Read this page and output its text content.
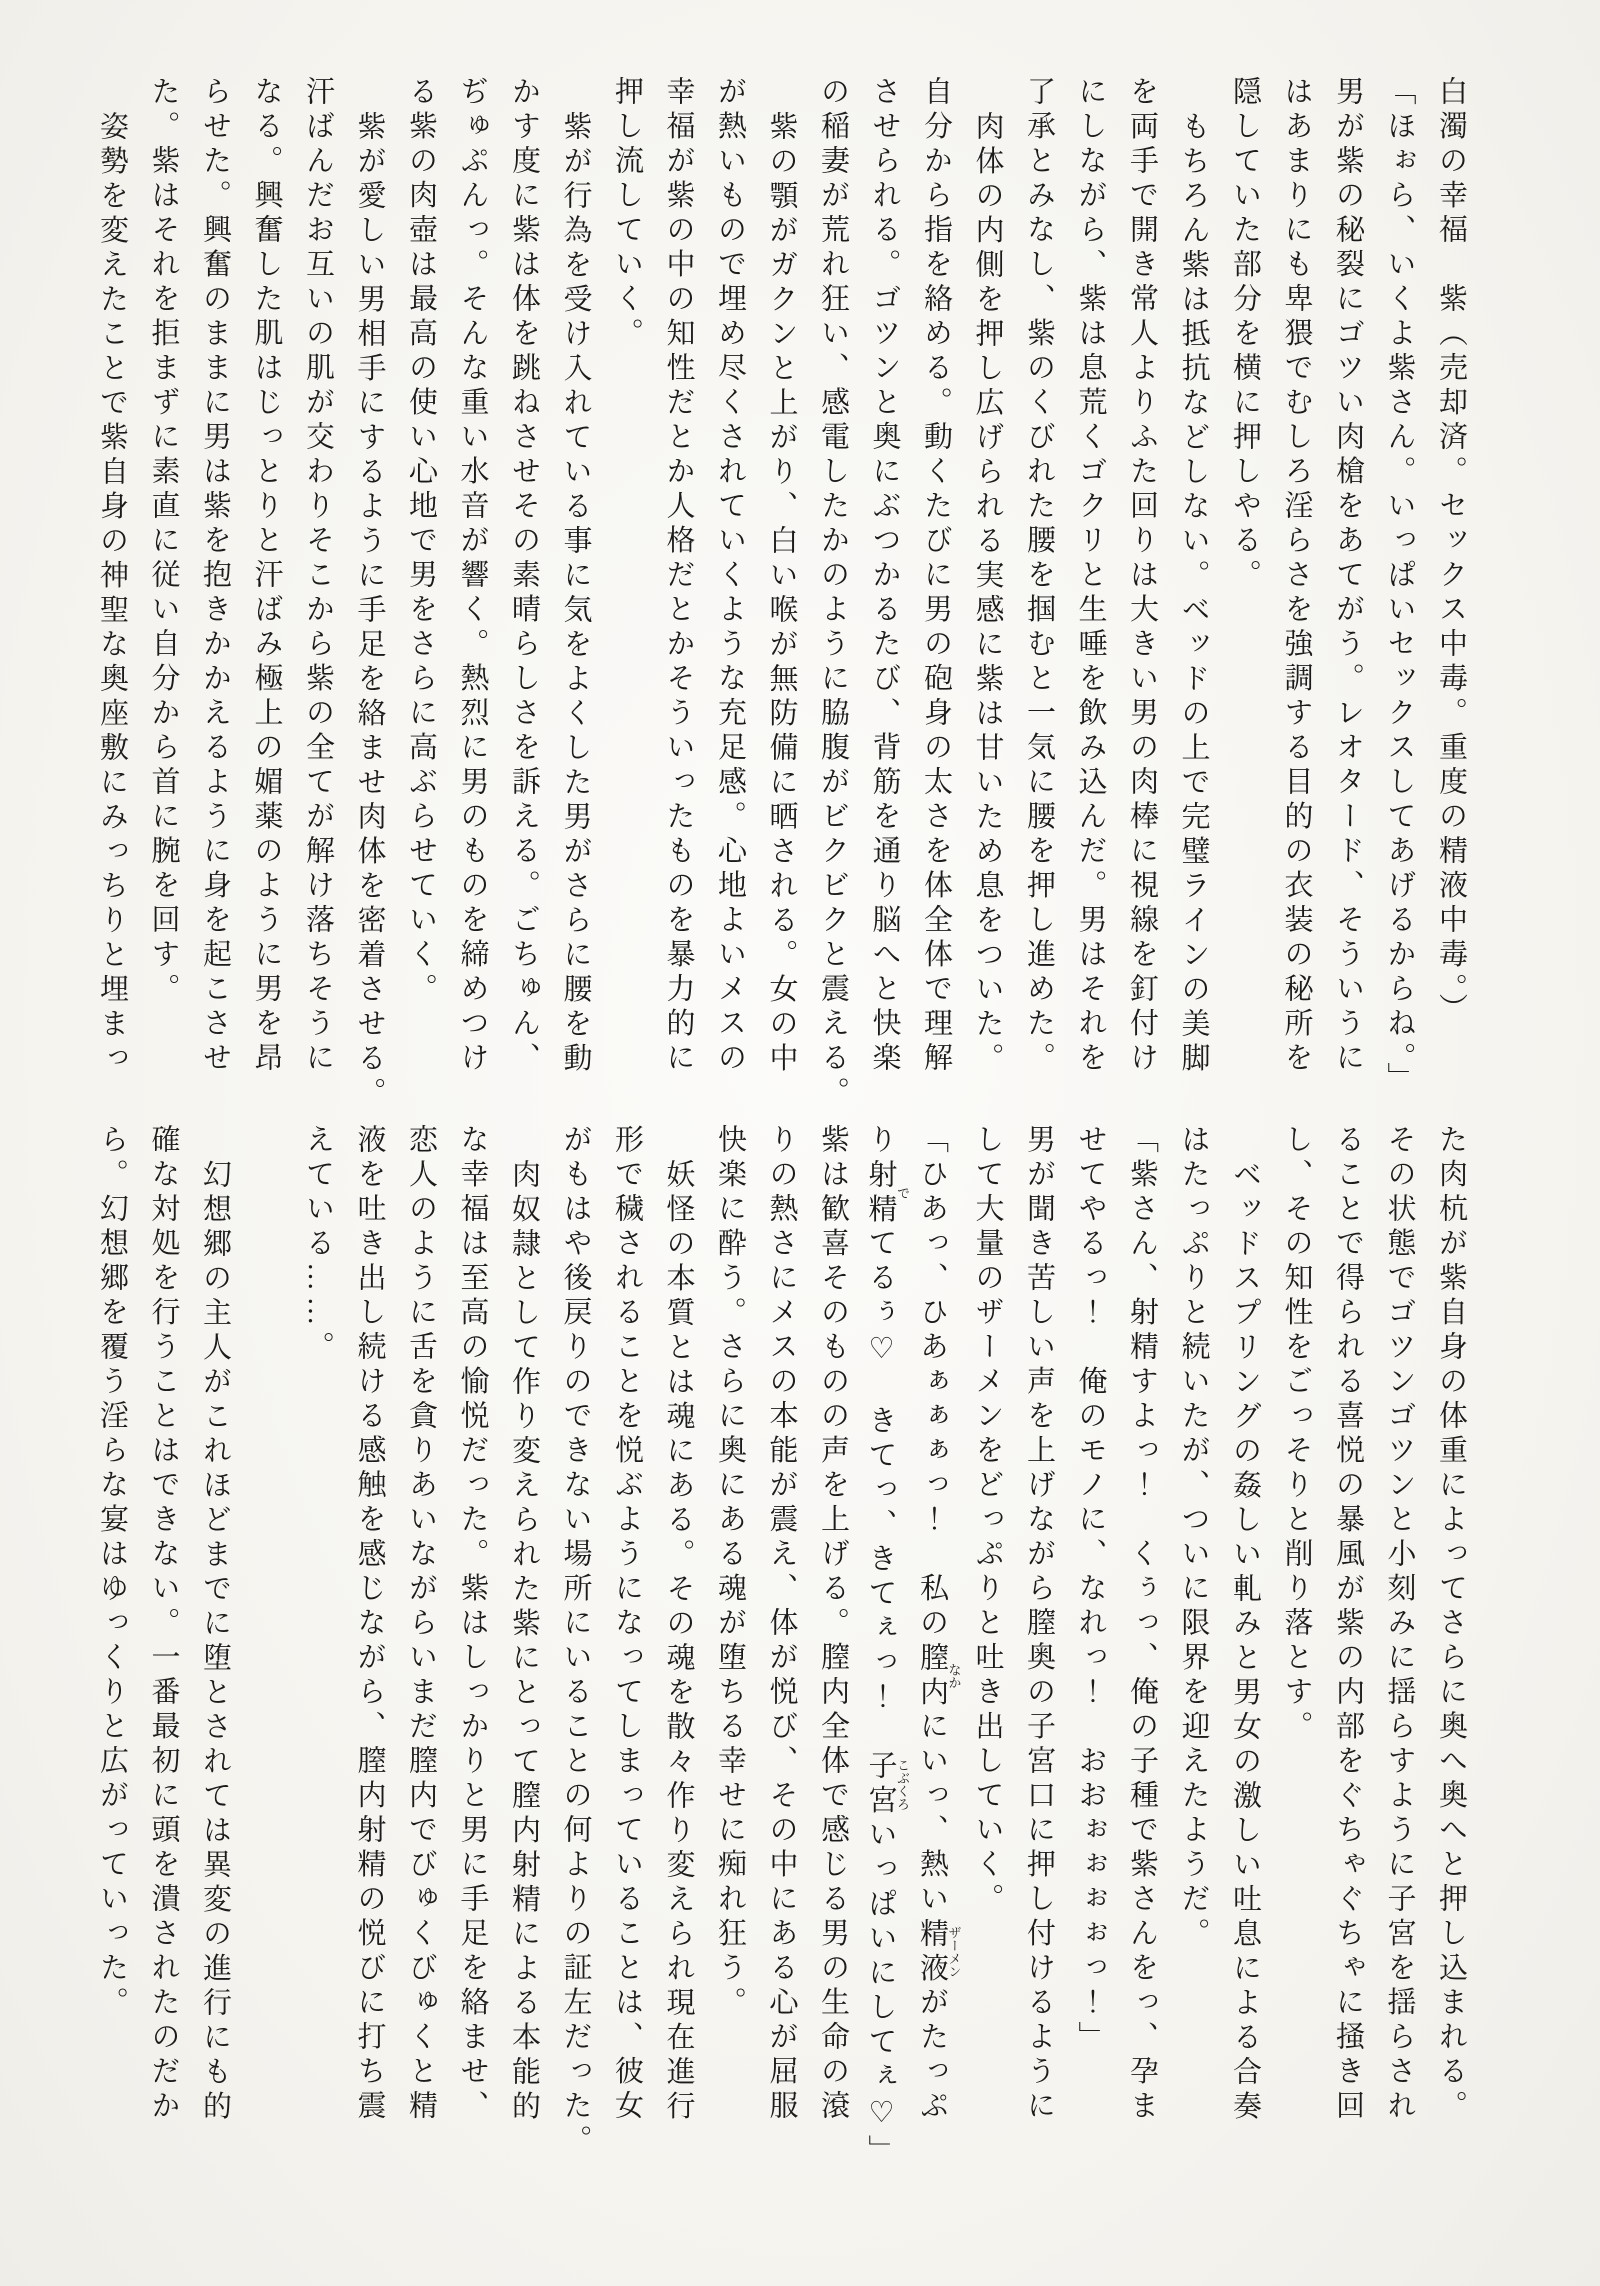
白濁の幸福　紫（売却済。セックス中毒。重度の精液中毒。）
「ほぉら、いくよ紫さん。いっぱいセックスしてあげるからね。」
男が紫の秘裂にゴツい肉槍をあてがう。レオタード、そういうに
はあまりにも卑猥でむしろ淫らさを強調する目的の衣装の秘所を
隠していた部分を横に押しやる。
もちろん紫は抵抗などしない。ベッドの上で完璧ラインの美脚
を両手で開き常人よりふた回りは大きい男の肉棒に視線を釘付け
にしながら、紫は息荒くゴクリと生唾を飲み込んだ。男はそれを
了承とみなし、紫のくびれた腰を掴むと一気に腰を押し進めた。
肉体の内側を押し広げられる実感に紫は甘いため息をついた。
自分から指を絡める。動くたびに男の砲身の太さを体全体で理解
させられる。ゴツンと奥にぶつかるたび、背筋を通り脳へと快楽
の稲妻が荒れ狂い、感電したかのように脇腹がビクビクと震える。
紫の顎がガクンと上がり、白い喉が無防備に晒される。女の中
が熱いもので埋め尽くされていくような充足感。心地よいメスの
幸福が紫の中の知性だとか人格だとかそういったものを暴力的に
押し流していく。
紫が行為を受け入れている事に気をよくした男がさらに腰を動
かす度に紫は体を跳ねさせその素晴らしさを訴える。ごちゅん、
ぢゅぷんっ。そんな重い水音が響く。熱烈に男のものを締めつけ
る紫の肉壺は最高の使い心地で男をさらに高ぶらせていく。
紫が愛しい男相手にするように手足を絡ませ肉体を密着させる。
汗ばんだお互いの肌が交わりそこから紫の全てが解け落ちそうに
なる。興奮した肌はじっとりと汗ばみ極上の媚薬のように男を昂
らせた。興奮のままに男は紫を抱きかかえるように身を起こさせ
た。紫はそれを拒まずに素直に従い自分から首に腕を回す。
姿勢を変えたことで紫自身の神聖な奥座敷にみっちりと埋まっ
た肉杭が紫自身の体重によってさらに奥へ奥へと押し込まれる。
その状態でゴツンゴツンと小刻みに揺らすように子宮を揺らされ
ることで得られる喜悦の暴風が紫の内部をぐちゃぐちゃに掻き回
し、その知性をごっそりと削り落とす。
ベッドスプリングの姦しい軋みと男女の激しい吐息による合奏
はたっぷりと続いたが、ついに限界を迎えたようだ。
「紫さん、射精すよっ！　くぅっ、俺の子種で紫さんをっ、孕ま
せてやるっ！　俺のモノに、なれっ！　おおぉぉぉぉっ！」
男が聞き苦しい声を上げながら膣奥の子宮口に押し付けるように
して大量のザーメンをどっぷりと吐き出していく。
「ひあっ、ひあぁぁぁっ！　私の膣内なかにいっ、熱い精液ザーメンがたっぷ
り射精でてるぅ♡　きてっ、きてぇっ！　子宮こぶくろいっぱいにしてぇ♡」
紫は歓喜そのものの声を上げる。膣内全体で感じる男の生命の滾
りの熱さにメスの本能が震え、体が悦び、その中にある心が屈服
快楽に酔う。さらに奥にある魂が堕ちる幸せに痴れ狂う。
妖怪の本質とは魂にある。その魂を散々作り変えられ現在進行
形で穢されることを悦ぶようになってしまっていることは、彼女
がもはや後戻りのできない場所にいることの何よりの証左だった。
肉奴隷として作り変えられた紫にとって膣内射精による本能的
な幸福は至高の愉悦だった。紫はしっかりと男に手足を絡ませ、
恋人のように舌を貪りあいながらいまだ膣内でびゅくびゅくと精
液を吐き出し続ける感触を感じながら、膣内射精の悦びに打ち震
えている……。
幻想郷の主人がこれほどまでに堕とされては異変の進行にも的
確な対処を行うことはできない。一番最初に頭を潰されたのだか
ら。幻想郷を覆う淫らな宴はゆっくりと広がっていった。
